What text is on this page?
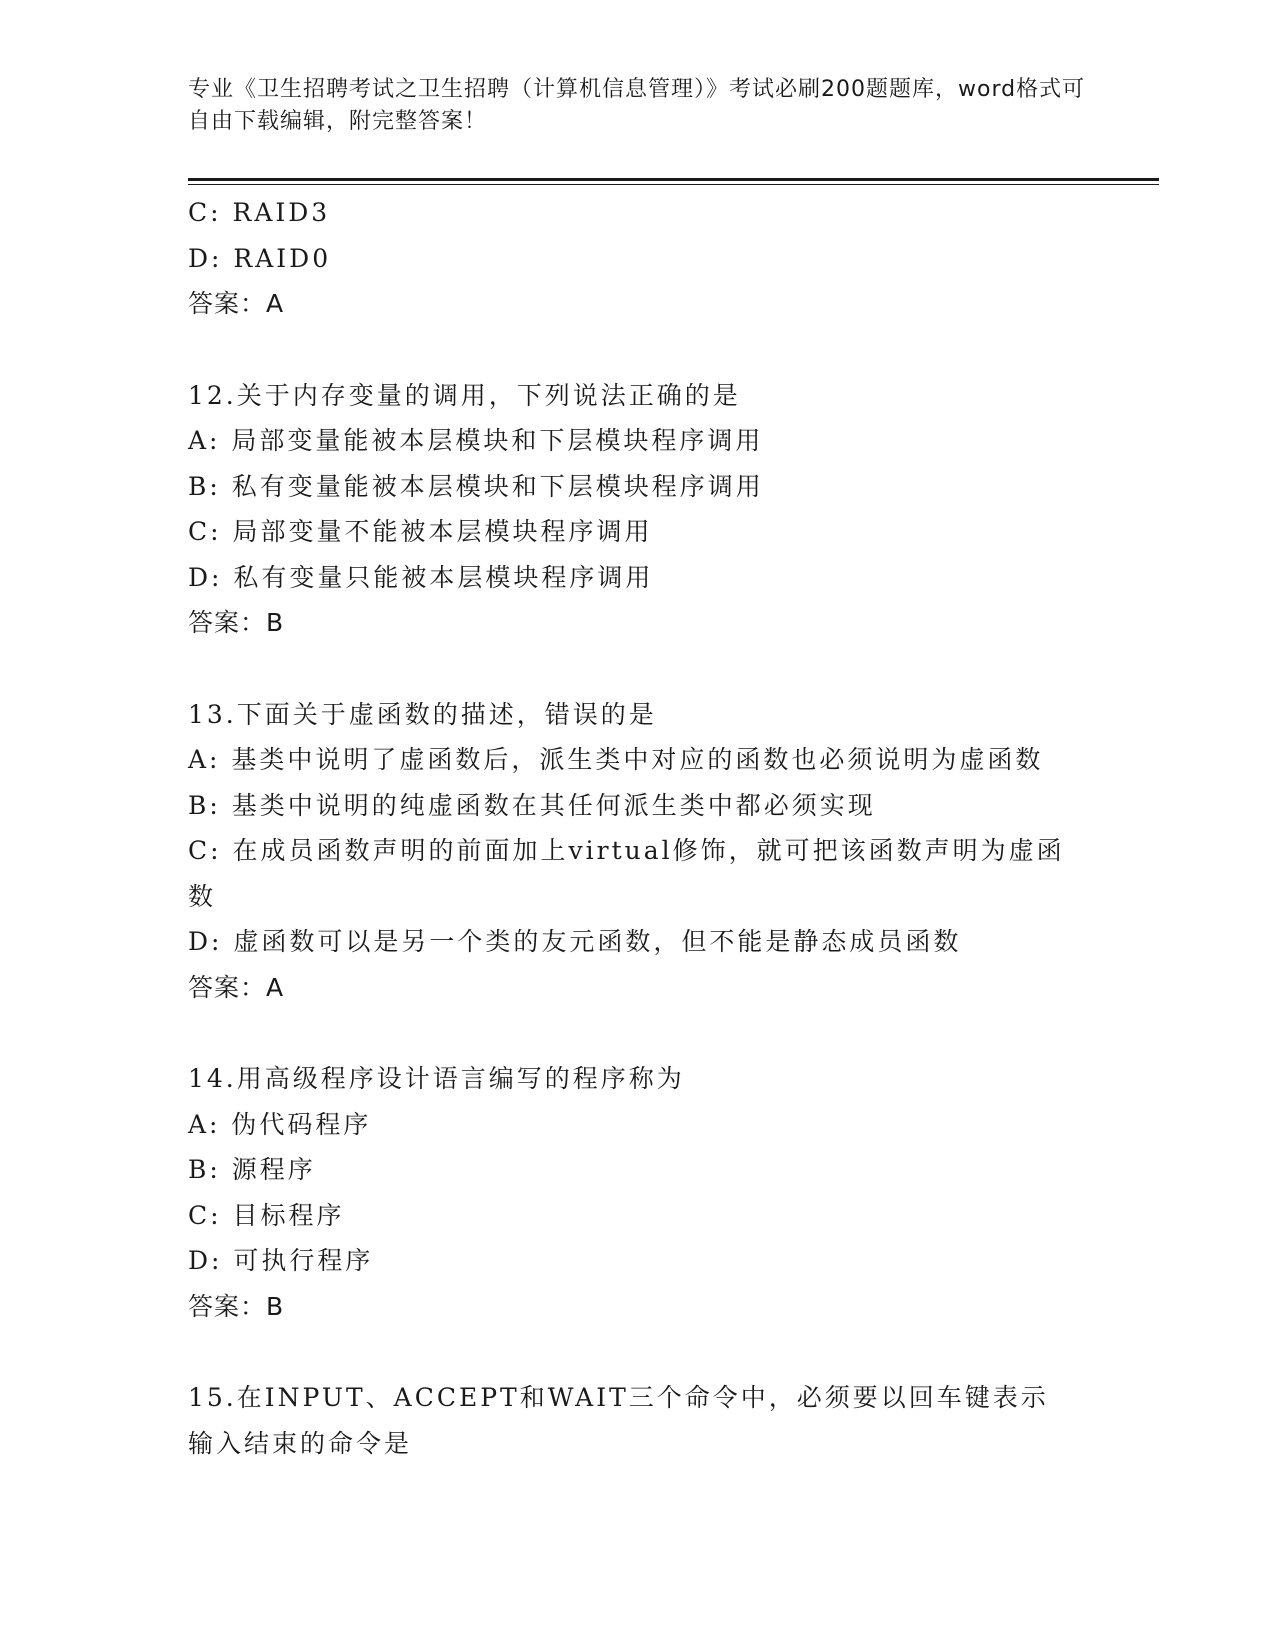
专业《卫生招聘考试之卫生招聘（计算机信息管理）》考试必刷200题题库，word格式可自由下载编辑，附完整答案！
C: RAID3
D: RAID0
答案：A
12.关于内存变量的调用，下列说法正确的是
A: 局部变量能被本层模块和下层模块程序调用
B: 私有变量能被本层模块和下层模块程序调用
C: 局部变量不能被本层模块程序调用
D: 私有变量只能被本层模块程序调用
答案：B
13.下面关于虚函数的描述，错误的是
A: 基类中说明了虚函数后，派生类中对应的函数也必须说明为虚函数
B: 基类中说明的纯虚函数在其任何派生类中都必须实现
C: 在成员函数声明的前面加上virtual修饰，就可把该函数声明为虚函数
D: 虚函数可以是另一个类的友元函数，但不能是静态成员函数
答案：A
14.用高级程序设计语言编写的程序称为
A: 伪代码程序
B: 源程序
C: 目标程序
D: 可执行程序
答案：B
15.在INPUT、ACCEPT和WAIT三个命令中，必须要以回车键表示输入结束的命令是
